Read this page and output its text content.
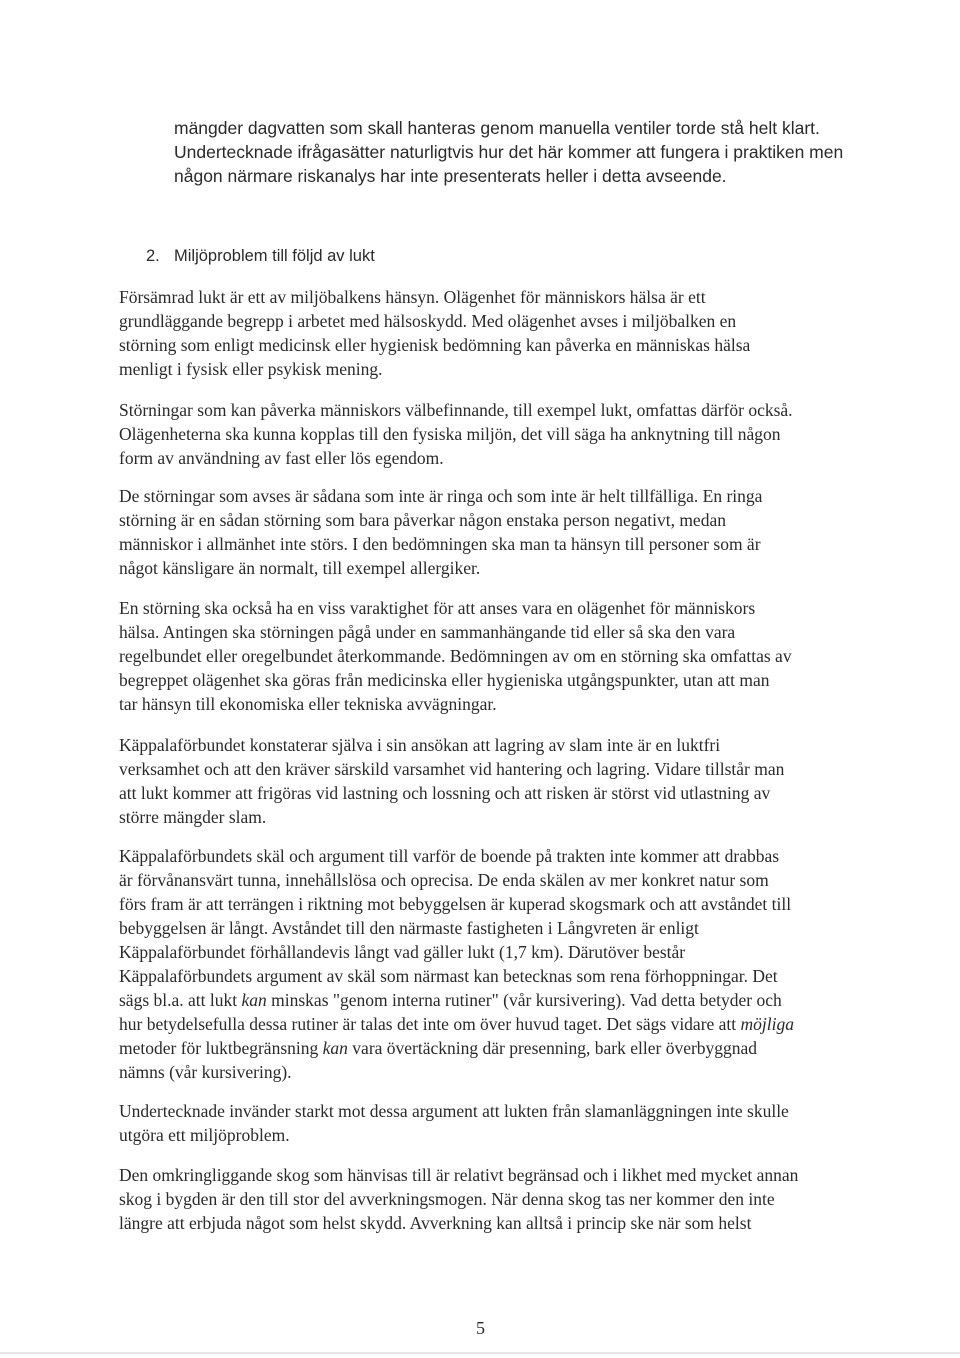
mängder dagvatten som skall hanteras genom manuella ventiler torde stå helt klart.
Undertecknade ifrågasätter naturligtvis hur det här kommer att fungera i praktiken men
någon närmare riskanalys har inte presenterats heller i detta avseende.

2. Miljöproblem till följd av lukt

Försämrad lukt är ett av miljöbalkens hänsyn. Olägenhet för människors hälsa är ett
grundläggande begrepp i arbetet med hälsoskydd. Med olägenhet avses i miljöbalken en
störning som enligt medicinsk eller hygienisk bedömning kan påverka en människas hälsa
menligt i fysisk eller psykisk mening.

Störningar som kan påverka människors välbefinnande, till exempel lukt, omfattas därför också.
Olägenheterna ska kunna kopplas till den fysiska miljön, det vill säga ha anknytning till någon
form av användning av fast eller lös egendom.

De störningar som avses är sådana som inte är ringa och som inte är helt tillfälliga. En ringa
störning är en sådan störning som bara påverkar någon enstaka person negativt, medan
människor i allmänhet inte störs. I den bedömningen ska man ta hänsyn till personer som är
något känsligare än normalt, till exempel allergiker.

En störning ska också ha en viss varaktighet för att anses vara en olägenhet för människors
hälsa. Antingen ska störningen pågå under en sammanhängande tid eller så ska den vara
regelbundet eller oregelbundet återkommande. Bedömningen av om en störning ska omfattas av
begreppet olägenhet ska göras från medicinska eller hygieniska utgångspunkter, utan att man
tar hänsyn till ekonomiska eller tekniska avvägningar.

Käppalaförbundet konstaterar själva i sin ansökan att lagring av slam inte är en luktfri
verksamhet och att den kräver särskild varsamhet vid hantering och lagring. Vidare tillstår man
att lukt kommer att frigöras vid lastning och lossning och att risken är störst vid utlastning av
större mängder slam.

Käppalaförbundets skäl och argument till varför de boende på trakten inte kommer att drabbas
är förvånansvärt tunna, innehållslösa och oprecisa. De enda skälen av mer konkret natur som
förs fram är att terrängen i riktning mot bebyggelsen är kuperad skogsmark och att avståndet till
bebyggelsen är långt. Avståndet till den närmaste fastigheten i Långvreten är enligt
Käppalaförbundet förhållandevis långt vad gäller lukt (1,7 km). Därutöver består
Käppalaförbundets argument av skäl som närmast kan betecknas som rena förhoppningar. Det
sägs bl.a. att lukt kan minskas "genom interna rutiner" (vår kursivering). Vad detta betyder och
hur betydelsefulla dessa rutiner är talas det inte om över huvud taget. Det sägs vidare att möjliga
metoder för luktbegränsning kan vara övertäckning där presenning, bark eller överbyggnad
nämns (vår kursivering).

Undertecknade invänder starkt mot dessa argument att lukten från slamanläggningen inte skulle
utgöra ett miljöproblem.

Den omkringliggande skog som hänvisas till är relativt begränsad och i likhet med mycket annan
skog i bygden är den till stor del avverkningsmogen. När denna skog tas ner kommer den inte
längre att erbjuda något som helst skydd. Avverkning kan alltså i princip ske när som helst

5
